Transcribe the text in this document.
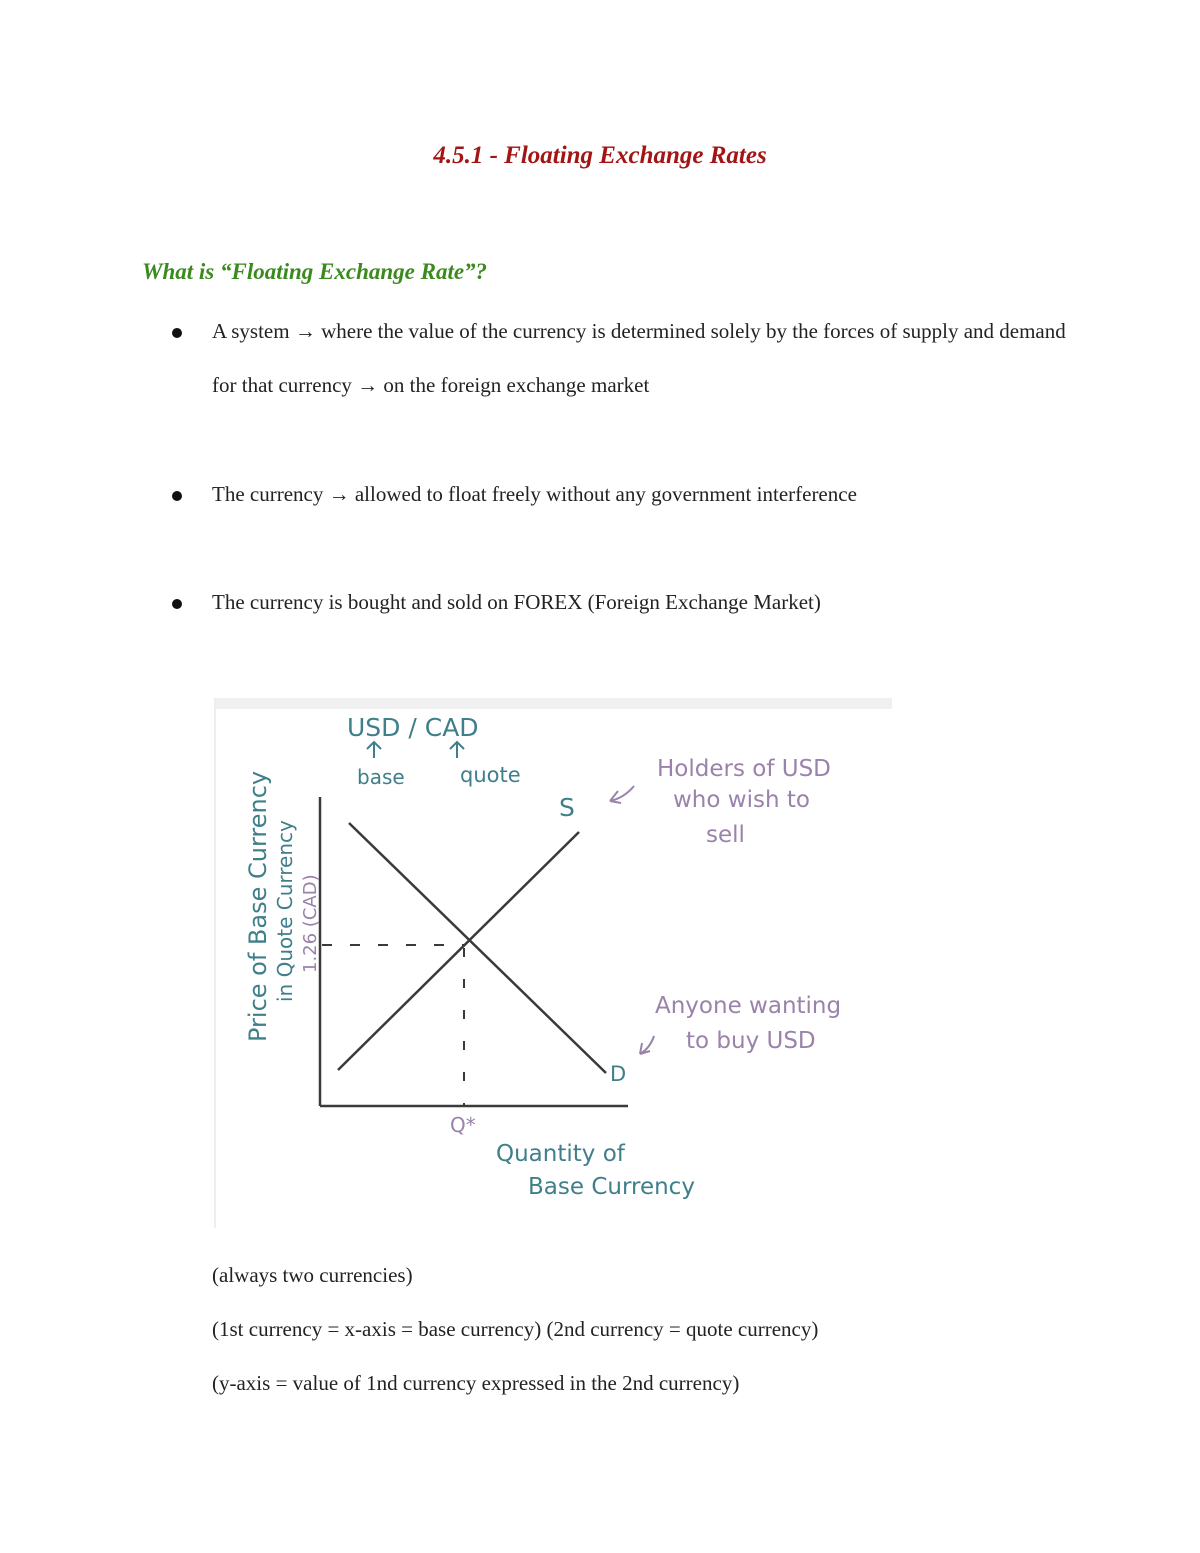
4.5.1 - Floating Exchange Rates
What is “Floating Exchange Rate”?
A system → where the value of the currency is determined solely by the forces of supply and demand for that currency → on the foreign exchange market
The currency → allowed to float freely without any government interference
The currency is bought and sold on FOREX (Foreign Exchange Market)
USD / CAD
base	quote
Price of Base Currency in Quote Currency 1.26 (CAD)
S
D
Q*
Quantity of
Base Currency
Holders of USD
who wish to
sell
Anyone wanting
to buy USD
(always two currencies)
(1st currency = x-axis = base currency) (2nd currency = quote currency)
(y-axis = value of 1nd currency expressed in the 2nd currency)
